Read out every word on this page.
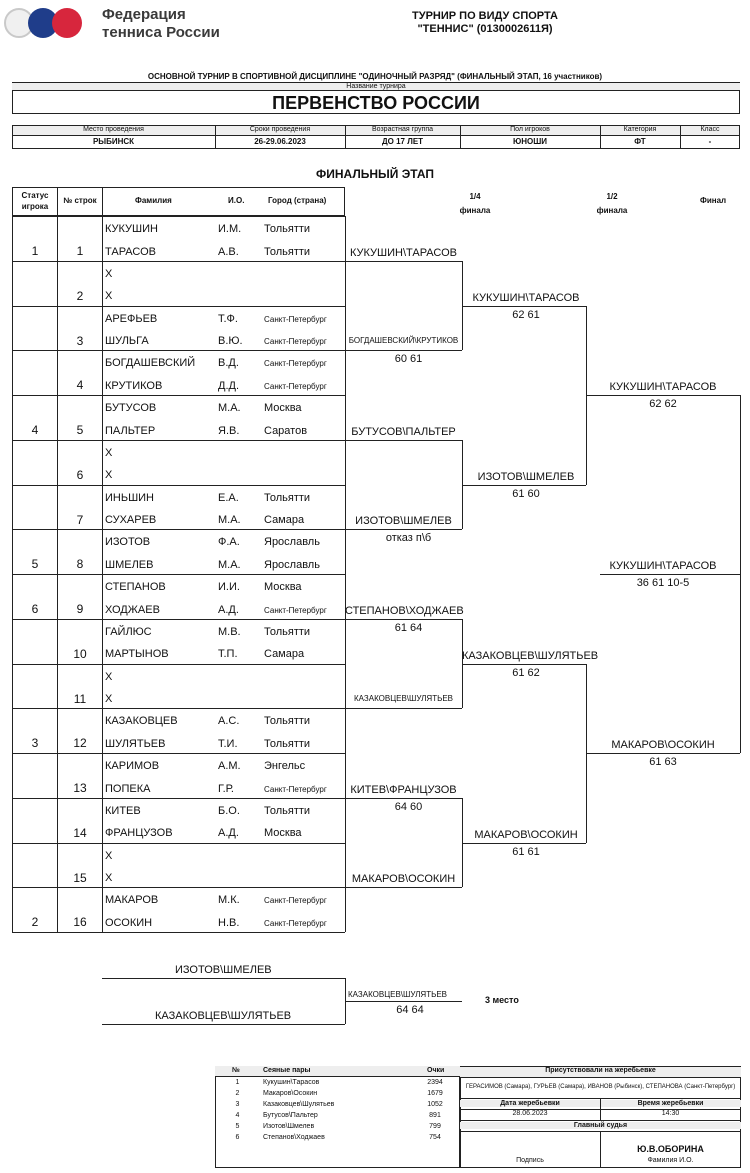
Федерация
тенниса России
ТУРНИР ПО ВИДУ СПОРТА
"ТЕННИС" (0130002611Я)
ОСНОВНОЙ ТУРНИР В СПОРТИВНОЙ ДИСЦИПЛИНЕ "ОДИНОЧНЫЙ РАЗРЯД" (ФИНАЛЬНЫЙ ЭТАП, 16 участников)
Название турнира
ПЕРВЕНСТВО РОССИИ
Место проведения	Сроки проведения	Возрастная группа	Пол игроков	Категория	Класс
РЫБИНСК	26-29.06.2023	ДО 17 ЛЕТ	ЮНОШИ	ФТ	-
ФИНАЛЬНЫЙ ЭТАП
Статус игрока
№ строк	Фамилия	И.О.	Город (страна)	1/4 финала
1/2 финала
Финал
1	1
КУКУШИН	И.М. Тольятти
ТАРАСОВ	А.В. Тольятти
2
Х
Х
3
АРЕФЬЕВ	Т.Ф.	Санкт-Петербург
ШУЛЬГА	В.Ю.	Санкт-Петербург
4
БОГДАШЕВСКИЙ В.Д.	Санкт-Петербург
КРУТИКОВ	Д.Д.	Санкт-Петербург
4	5
БУТУСОВ	М.А. Москва
ПАЛЬТЕР	Я.В. Саратов
6
Х
Х
7
ИНЬШИН	Е.А. Тольятти
СУХАРЕВ	М.А. Самара
5	8
ИЗОТОВ	Ф.А. Ярославль
ШМЕЛЕВ	М.А. Ярославль
6	9
СТЕПАНОВ	И.И. Москва
ХОДЖАЕВ	А.Д.	Санкт-Петербург
10
ГАЙЛЮС	М.В. Тольятти
МАРТЫНОВ	Т.П. Самара
11
Х
Х
3	12
КАЗАКОВЦЕВ	А.С. Тольятти
ШУЛЯТЬЕВ	Т.И. Тольятти
13
КАРИМОВ	А.М. Энгельс
ПОПЕКА	Г.Р.	Санкт-Петербург
14
КИТЕВ	Б.О. Тольятти
ФРАНЦУЗОВ	А.Д. Москва
15
Х
Х
2	16
МАКАРОВ	М.К.	Санкт-Петербург
ОСОКИН	Н.В.	Санкт-Петербург
КУКУШИН\ТАРАСОВ
БОГДАШЕВСКИЙ\КРУТИКОВ
60 61
БУТУСОВ\ПАЛЬТЕР
ИЗОТОВ\ШМЕЛЕВ
отказ п\б
СТЕПАНОВ\ХОДЖАЕВ
61 64
КАЗАКОВЦЕВ\ШУЛЯТЬЕВ
КИТЕВ\ФРАНЦУЗОВ
64 60
МАКАРОВ\ОСОКИН
КУКУШИН\ТАРАСОВ
62 61
ИЗОТОВ\ШМЕЛЕВ
61 60
КАЗАКОВЦЕВ\ШУЛЯТЬЕВ
61 62
МАКАРОВ\ОСОКИН
61 61
КУКУШИН\ТАРАСОВ
62 62
МАКАРОВ\ОСОКИН
61 63
КУКУШИН\ТАРАСОВ
36 61 10-5
ИЗОТОВ\ШМЕЛЕВ
КАЗАКОВЦЕВ\ШУЛЯТЬЕВ
КАЗАКОВЦЕВ\ШУЛЯТЬЕВ
64 64
3 место
№	Сеяные пары	Очки
1	Кукушин\Тарасов	2394
2	Макаров\Осокин	1679
3	Казаковцев\Шулятьев	1052
4	Бутусов\Пальтер	891
5	Изотов\Шмелев	799
6	Степанов\Ходжаев	754
Присутствовали на жеребьевке
ГЕРАСИМОВ (Самара), ГУРЬЕВ (Самара), ИВАНОВ (Рыбинск), СТЕПАНОВА (Санкт-Петербург)
Дата жеребьевки	Время жеребьевки
28.06.2023	14:30
Главный судья
Ю.В.ОБОРИНА
Подпись	Фамилия И.О.
